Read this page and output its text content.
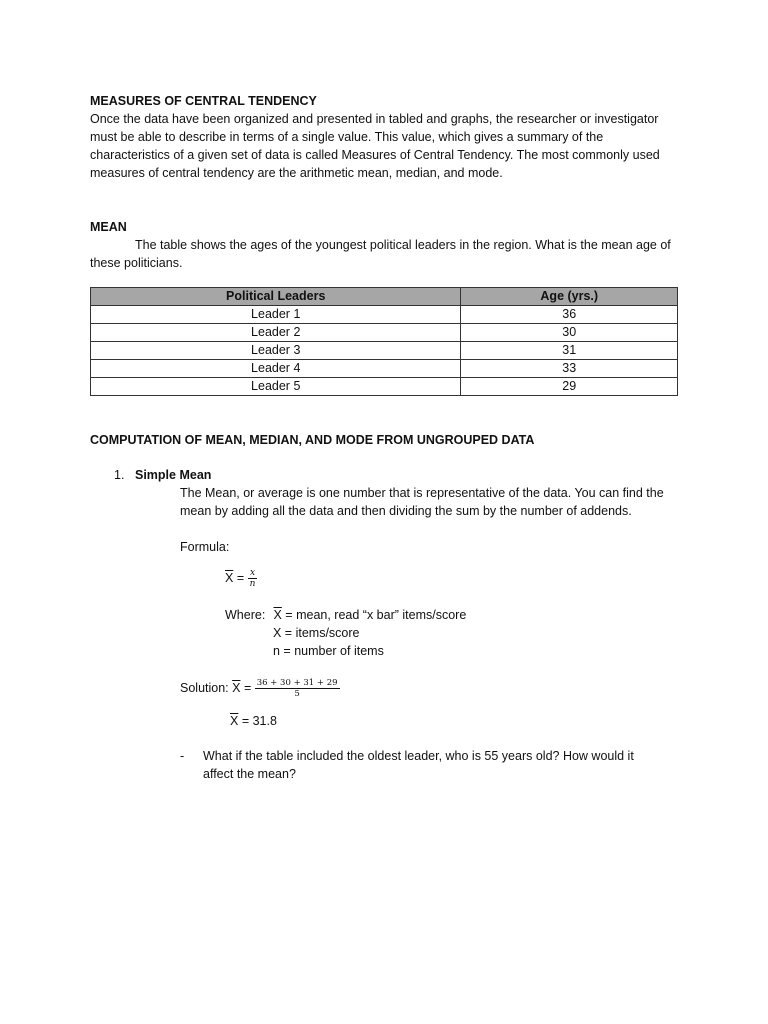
MEASURES OF CENTRAL TENDENCY

Once the data have been organized and presented in tabled and graphs, the researcher or investigator

must be able to describe in terms of a single value. This value, which gives a summary of the

characteristics of a given set of data is called Measures of Central Tendency. The most commonly used

measures of central tendency are the arithmetic mean, median, and mode.

MEAN

The table shows the ages of the youngest political leaders in the region. What is the mean age of

these politicians.

Political Leaders	Age (yrs.)
Leader 1	36
Leader 2	30
Leader 3	31
Leader 4	33
Leader 5	29

COMPUTATION OF MEAN, MEDIAN, AND MODE FROM UNGROUPED DATA

1. Simple Mean

The Mean, or average is one number that is representative of the data. You can find the

mean by adding all the data and then dividing the sum by the number of addends.

Formula:

$\overline{X} = \frac{x}{n}$

Where: $\overline{X}$ = mean, read “x bar” items/score

X = items/score

n = number of items

Solution: $\overline{X} = \frac{36 + 30 + 31 + 29}{5}$
$\overline{X} = 31.8$
- What if the table included the oldest leader, who is 55 years old? How would it

affect the mean?
